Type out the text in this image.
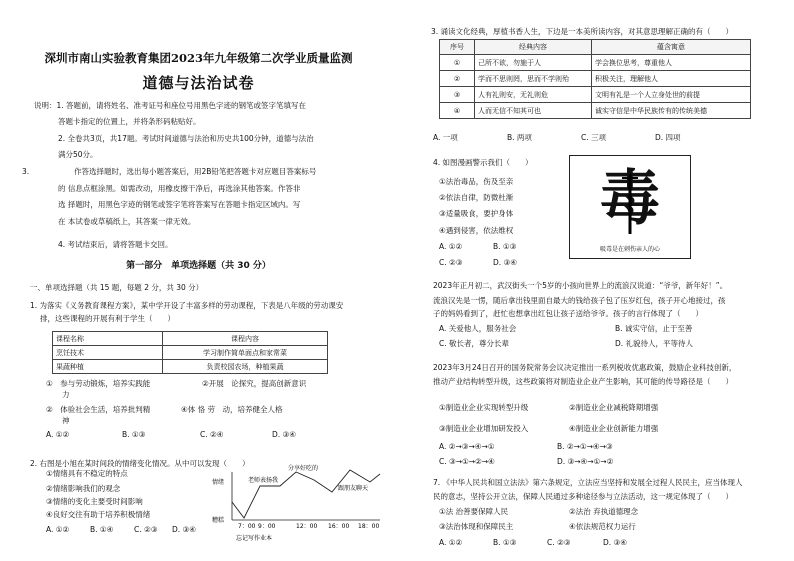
深圳市南山实验教育集团2023年九年级第二次学业质量监测
道德与法治试卷
说明：1. 答题前，请将姓名、准考证号和座位号用黑色字迹的钢笔或签字笔填写在
答题卡指定的位置上，并将条形码粘贴好。
2. 全卷共3页，共17题。考试时间道德与法治和历史共100分钟，道德与法治
满分50分。
3.	作答选择题时，选出每小题答案后，用2B铅笔把答题卡对应题目答案标号
的 信息点框涂黑。如需改动，用橡皮擦干净后，再选涂其他答案。作答非
选 择题时，用黑色字迹的钢笔或签字笔将答案写在答题卡指定区域内。写
在 本试卷或草稿纸上，其答案一律无效。
4. 考试结束后，请将答题卡交回。
第一部分　单项选择题（共 30 分）
一、单项选择题（共 15 题，每题 2 分，共 30 分）
1. 为落实《义务教育课程方案》，某中学开设了丰富多样的劳动课程，下表是八年级的劳动课安
排，这些课程的开展有利于学生（　　）
课程名称	课程内容
烹饪技术	学习制作简单面点和家常菜
果蔬种植	负责校园农场，种植果蔬
①　参与劳动锻炼，培养实践能
力
②开展　论探究，提高创新意识
②　体验社会生活，培养批判精
神
④体 恪 劳　动，培养健全人格
A. ①②	B. ①③	C. ②④	D. ③④
2. 右图是小旭在某时间段的情绪变化情况。从中可以发现（　　）
①情绪具有不稳定的特点
②情绪影响我们的观念
③情绪的变化主要受时间影响
④良好交往有助于培养积极情绪
A. ①②	B. ①④	C. ②③ D. ③④
情绪
糟糕
7：00 9：00	12：00 16：00 18：00
忘记写作业本
老师表扬我
分享好吃的
跟朋友聊天
3. 诵读文化经典，厚植书香人生，下边是一本美所读内容，对其意思理解正确的有（　　）
序号	经典内容	蕴含寓意
①	己所不欲，勿施于人	学会换位思考，尊重他人
②	学而不思则罔，思而不学则殆	积极关注，理解他人
③	人有礼则安，无礼则危	文明有礼是一个人立身处世的前提
④	人而无信不知其可也	诚实守信是中华民族传有的传统美德
A. 一项	B. 两项	C. 三项	D. 四项
4. 如图漫画警示我们（　　）
①法治毒品，伤及至亲
②依法自律，防微杜渐
③适量吸食，要护身体
④遇到侵害，依法维权
A. ①②	B. ①③
C. ②③	D. ③④
毒
吸毒是在刺伤亲人的心
2023年正月初二，武汉街头一个5岁的小孩向世界上的流浪汉说道：“爷爷，新年好！”。
流浪汉先是一愣，随后拿出钱里面自最大的钱给孩子包了压岁红包，孩子开心地接过，孩
子的妈妈看到了，赶忙也想拿出红包让孩子送给爷爷。孩子的言行体现了（　　）
A. 关爱他人，服务社会	B. 诚实守信，止于至善
C. 敬长者，尊分长辈	D. 礼貌待人，平等待人
2023年3月24日召开的国务院常务会议决定推出一系列税收优惠政策，鼓励企业科技创新，
推动产业结构转型升级，这些政策将对制造业企业产生影响，其可能的传导路径是（　　）
①制造业企业实现转型升级	②制造业企业减税降期增强
③制造业企业增加研发投入	④制造业企业创新能力增强
A. ②→③→④→①	B. ②→①→④→③
C. ③→①→②→④	D. ③→④→①→②
7. 《中华人民共和国立法法》第六条规定，立法应当坚持和发展全过程人民民主，应当体现人
民的意志，坚持公开立法，保障人民通过多种途径参与立法活动，这一规定体现了（　　）
①法 治善要保障人民	②法治 弃执道德理念
③法治体现和保障民主	④依法规范权力运行
A. ①②	B. ①③	C. ②③	D. ③④
